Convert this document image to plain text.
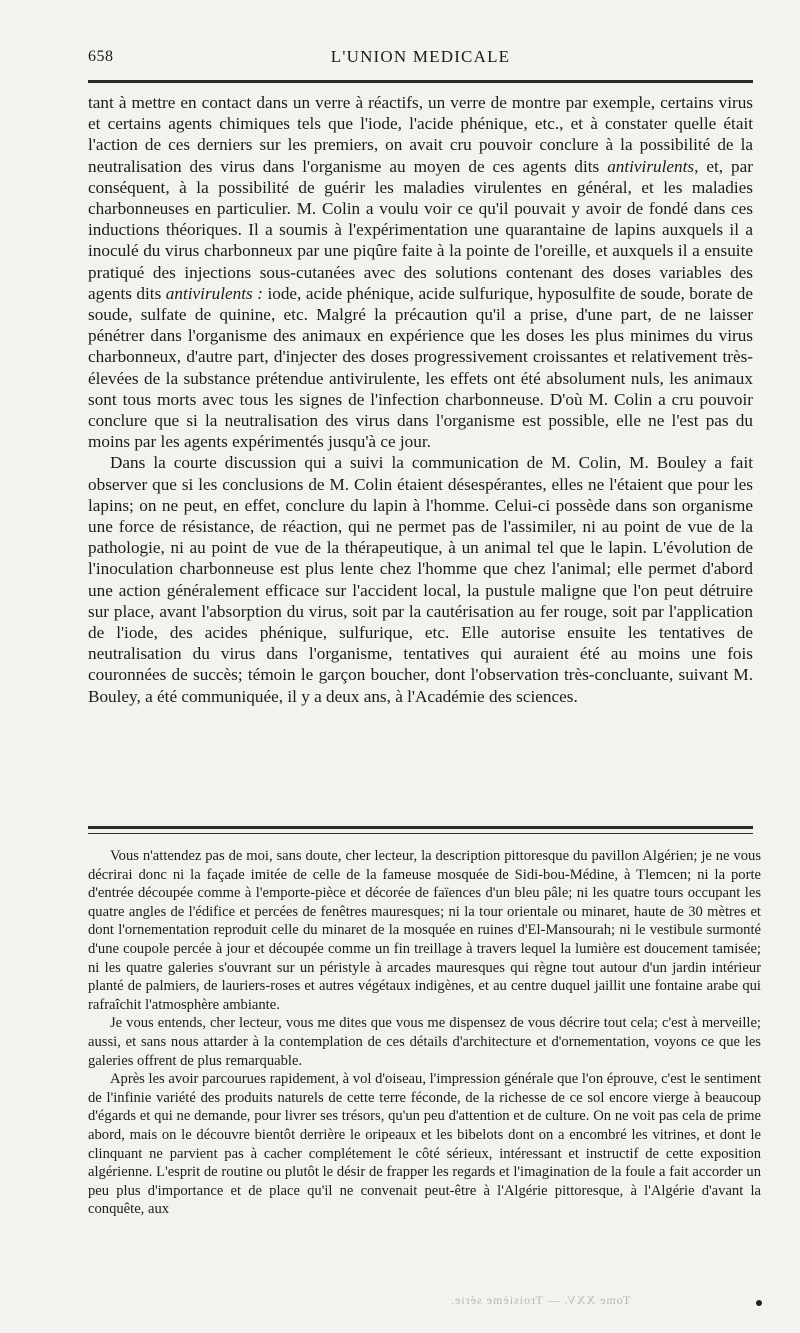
658	L'UNION MEDICALE

tant à mettre en contact dans un verre à réactifs, un verre de montre par exemple, certains virus et certains agents chimiques tels que l'iode, l'acide phénique, etc., et à constater quelle était l'action de ces derniers sur les premiers, on avait cru pouvoir conclure à la possibilité de la neutralisation des virus dans l'organisme au moyen de ces agents dits antivirulents, et, par conséquent, à la possibilité de guérir les maladies virulentes en général, et les maladies charbonneuses en particulier. M. Colin a voulu voir ce qu'il pouvait y avoir de fondé dans ces inductions théoriques. Il a soumis à l'expérimentation une quarantaine de lapins auxquels il a inoculé du virus charbonneux par une piqûre faite à la pointe de l'oreille, et auxquels il a ensuite pratiqué des injections sous-cutanées avec des solutions contenant des doses variables des agents dits antivirulents : iode, acide phénique, acide sulfurique, hyposulfite de soude, borate de soude, sulfate de quinine, etc. Malgré la précaution qu'il a prise, d'une part, de ne laisser pénétrer dans l'organisme des animaux en expérience que les doses les plus minimes du virus charbonneux, d'autre part, d'injecter des doses progressivement croissantes et relativement très-élevées de la substance prétendue antivirulente, les effets ont été absolument nuls, les animaux sont tous morts avec tous les signes de l'infection charbonneuse. D'où M. Colin a cru pouvoir conclure que si la neutralisation des virus dans l'organisme est possible, elle ne l'est pas du moins par les agents expérimentés jusqu'à ce jour.

Dans la courte discussion qui a suivi la communication de M. Colin, M. Bouley a fait observer que si les conclusions de M. Colin étaient désespérantes, elles ne l'étaient que pour les lapins; on ne peut, en effet, conclure du lapin à l'homme. Celui-ci possède dans son organisme une force de résistance, de réaction, qui ne permet pas de l'assimiler, ni au point de vue de la pathologie, ni au point de vue de la thérapeutique, à un animal tel que le lapin. L'évolution de l'inoculation charbonneuse est plus lente chez l'homme que chez l'animal; elle permet d'abord une action généralement efficace sur l'accident local, la pustule maligne que l'on peut détruire sur place, avant l'absorption du virus, soit par la cautérisation au fer rouge, soit par l'application de l'iode, des acides phénique, sulfurique, etc. Elle autorise ensuite les tentatives de neutralisation du virus dans l'organisme, tentatives qui auraient été au moins une fois couronnées de succès; témoin le garçon boucher, dont l'observation très-concluante, suivant M. Bouley, a été communiquée, il y a deux ans, à l'Académie des sciences.

Vous n'attendez pas de moi, sans doute, cher lecteur, la description pittoresque du pavillon Algérien; je ne vous décrirai donc ni la façade imitée de celle de la fameuse mosquée de Sidi-bou-Médine, à Tlemcen; ni la porte d'entrée découpée comme à l'emporte-pièce et décorée de faïences d'un bleu pâle; ni les quatre tours occupant les quatre angles de l'édifice et percées de fenêtres mauresques; ni la tour orientale ou minaret, haute de 30 mètres et dont l'ornementation reproduit celle du minaret de la mosquée en ruines d'El-Mansourah; ni le vestibule surmonté d'une coupole percée à jour et découpée comme un fin treillage à travers lequel la lumière est doucement tamisée; ni les quatre galeries s'ouvrant sur un péristyle à arcades mauresques qui règne tout autour d'un jardin intérieur planté de palmiers, de lauriers-roses et autres végétaux indigènes, et au centre duquel jaillit une fontaine arabe qui rafraîchit l'atmosphère ambiante.

Je vous entends, cher lecteur, vous me dites que vous me dispensez de vous décrire tout cela; c'est à merveille; aussi, et sans nous attarder à la contemplation de ces détails d'architecture et d'ornementation, voyons ce que les galeries offrent de plus remarquable.

Après les avoir parcourues rapidement, à vol d'oiseau, l'impression générale que l'on éprouve, c'est le sentiment de l'infinie variété des produits naturels de cette terre féconde, de la richesse de ce sol encore vierge à beaucoup d'égards et qui ne demande, pour livrer ses trésors, qu'un peu d'attention et de culture. On ne voit pas cela de prime abord, mais on le découvre bientôt derrière le oripeaux et les bibelots dont on a encombré les vitrines, et dont le clinquant ne parvient pas à cacher complétement le côté sérieux, intéressant et instructif de cette exposition algérienne. L'esprit de routine ou plutôt le désir de frapper les regards et l'imagination de la foule a fait accorder un peu plus d'importance et de place qu'il ne convenait peut-être à l'Algérie pittoresque, à l'Algérie d'avant la conquête, aux

Tome XXV. — Troisième série.
